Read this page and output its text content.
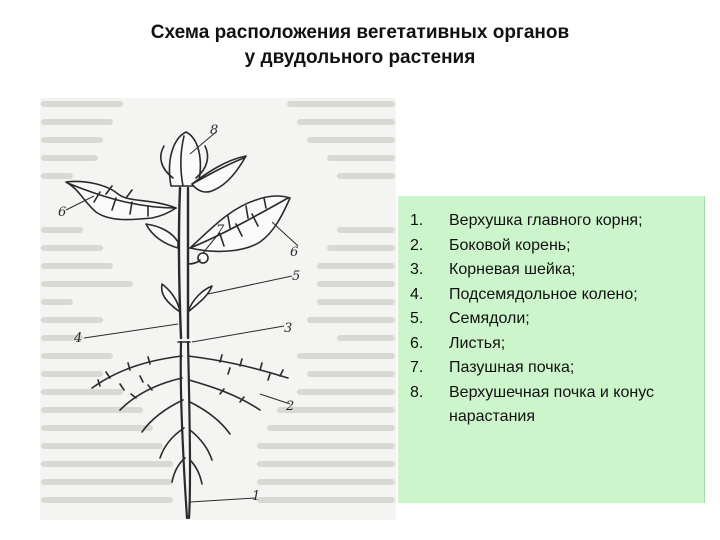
Схема расположения вегетативных органов
у двудольного растения
8
6
6
7
5
3
4
2
1
1.	Верхушка главного корня;
2.	Боковой корень;
3.	Корневая шейка;
4.	Подсемядольное колено;
5.	Семядоли;
6.	Листья;
7.	Пазушная почка;
8.	Верхушечная почка и конус нарастания
